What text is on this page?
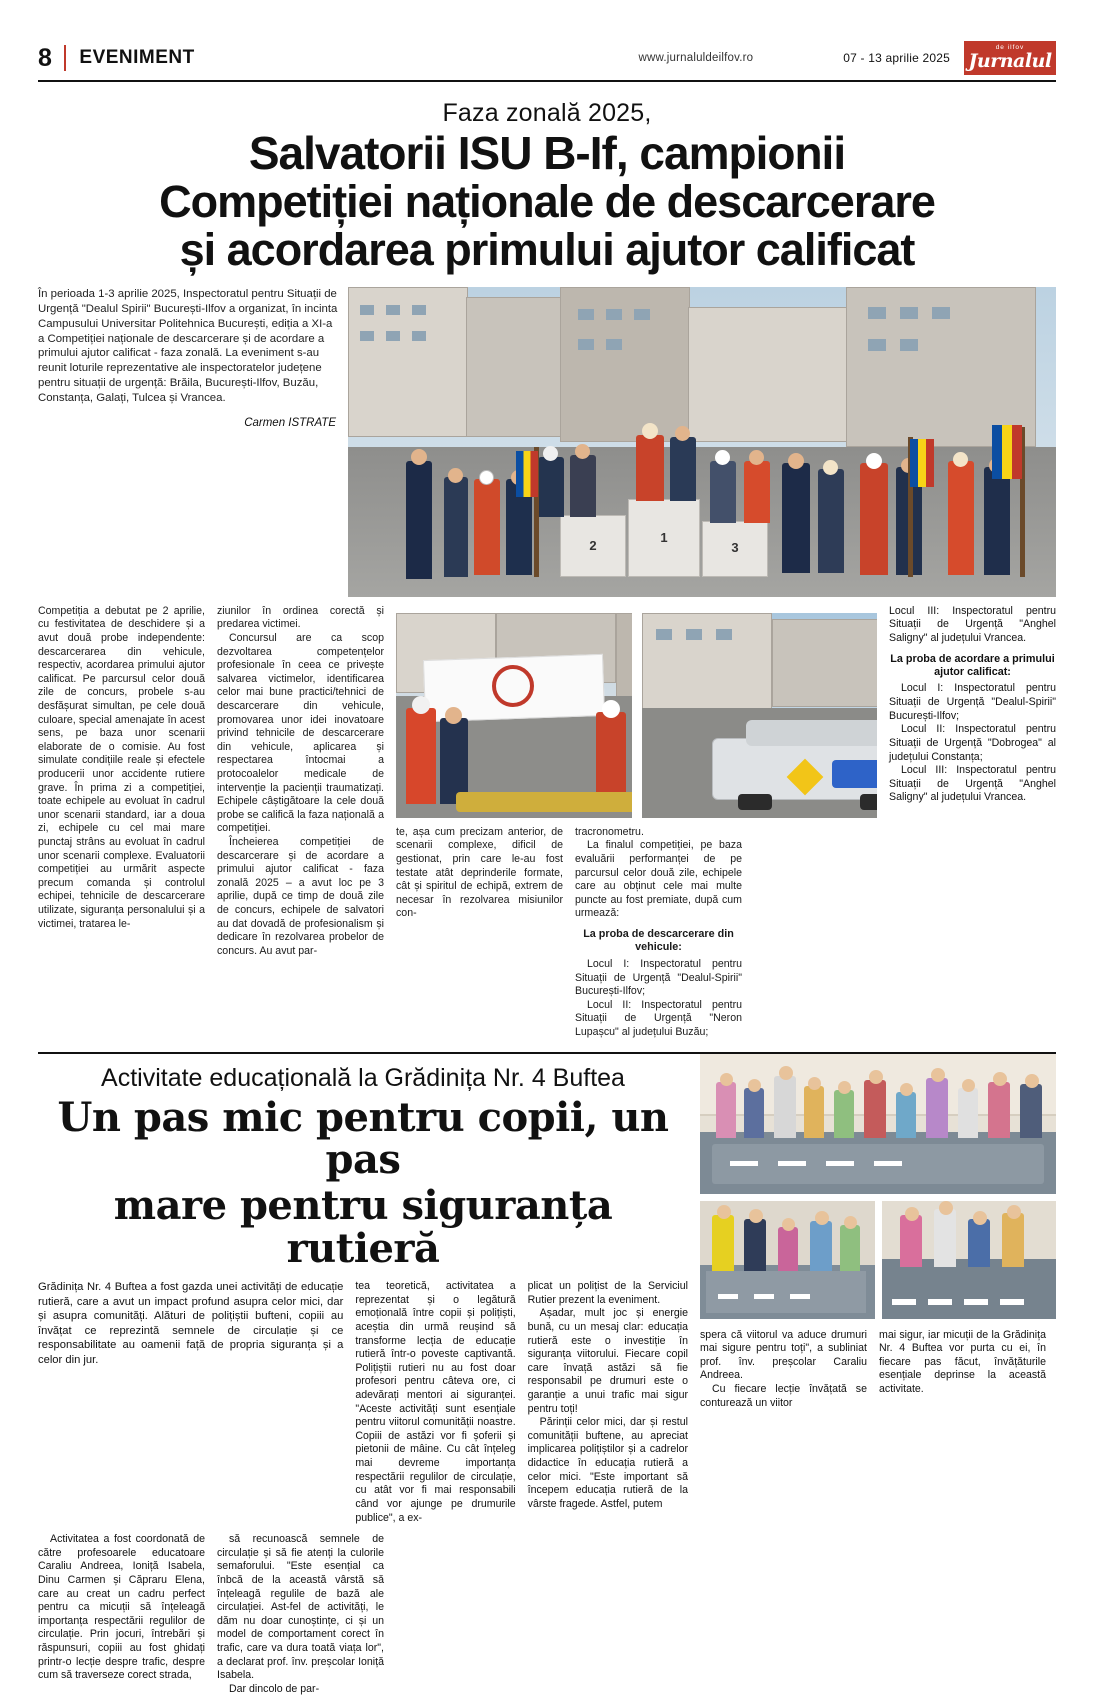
8 EVENIMENT	www.jurnaluldeilfov.ro	07 - 13 aprilie 2025
de ilfov
Jurnalul
Faza zonală 2025,
Salvatorii ISU B-If, campionii
Competiției naționale de descarcerare
și acordarea primului ajutor calificat
În perioada 1-3 aprilie 2025, Inspectoratul pentru Situații de Urgență "Dealul Spirii" București-Ilfov a organizat, în incinta Campusului Universitar Politehnica București, ediția a XI-a a Competiției naționale de descarcerare și de acordare a primului ajutor calificat - faza zonală. La eveniment s-au reunit loturile reprezentative ale inspectoratelor județene pentru situații de urgență: Brăila, București-Ilfov, Buzău, Constanța, Galați, Tulcea și Vrancea.
Carmen ISTRATE
2
1
3

Competiția a debutat pe 2 aprilie, cu festivitatea de deschidere și a avut două probe independente: descarcerarea din vehicule, respectiv, acordarea primului ajutor calificat. Pe parcursul celor două zile de concurs, probele s-au desfășurat simultan, pe cele două culoare, special amenajate în acest sens, pe baza unor scenarii elaborate de o comisie. Au fost simulate condițiile reale și efectele producerii unor accidente rutiere grave. În prima zi a competiției, toate echipele au evoluat în cadrul unor scenarii standard, iar a doua zi, echipele cu cel mai mare punctaj strâns au evoluat în cadrul unor scenarii complexe. Evaluatorii competiției au urmărit aspecte precum comanda și controlul echipei, tehnicile de descarcerare utilizate, siguranța personalului și a victimei, tratarea le-

ziunilor în ordinea corectă și predarea victimei.

Concursul are ca scop dezvoltarea competențelor profesionale în ceea ce privește salvarea victimelor, identificarea celor mai bune practici/tehnici de descarcerare din vehicule, promovarea unor idei inovatoare privind tehnicile de descarcerare din vehicule, aplicarea și respectarea întocmai a protocoalelor medicale de intervenție la pacienții traumatizați. Echipele câștigătoare la cele două probe se califică la faza națională a competiției.

Încheierea competiției de descarcerare și de acordare a primului ajutor calificat - faza zonală 2025 – a avut loc pe 3 aprilie, după ce timp de două zile de concurs, echipele de salvatori au dat dovadă de profesionalism și dedicare în rezolvarea probelor de concurs. Au avut par-

te, așa cum precizam anterior, de scenarii complexe, dificil de gestionat, prin care le-au fost testate atât deprinderile formate, cât și spiritul de echipă, extrem de necesar în rezolvarea misiunilor con-

tracronometru.

La finalul competiției, pe baza evaluării performanței de pe parcursul celor două zile, echipele care au obținut cele mai multe puncte au fost premiate, după cum urmează:

La proba de descarcerare din vehicule:

Locul I: Inspectoratul pentru Situații de Urgență "Dealul-Spirii" București-Ilfov;

Locul II: Inspectoratul pentru Situații de Urgență "Neron Lupașcu" al județului Buzău;

Locul III: Inspectoratul pentru Situații de Urgență "Anghel Saligny" al județului Vrancea.

La proba de acordare a primului ajutor calificat:

Locul I: Inspectoratul pentru Situații de Urgență "Dealul-Spirii" București-Ilfov;

Locul II: Inspectoratul pentru Situații de Urgență "Dobrogea" al județului Constanța;

Locul III: Inspectoratul pentru Situații de Urgență "Anghel Saligny" al județului Vrancea.

Activitate educațională la Grădinița Nr. 4 Buftea
Un pas mic pentru copii, un pas
mare pentru siguranța rutieră

Grădinița Nr. 4 Buftea a fost gazda unei activități de educație rutieră, care a avut un impact profund asupra celor mici, dar și asupra comunități. Alături de polițiștii bufteni, copiii au învățat ce reprezintă semnele de circulație și ce responsabilitate au oamenii față de propria siguranța și a celor din jur.

tea teoretică, activitatea a reprezentat și o legătură emoțională între copii și polițiști, aceștia din urmă reușind să transforme lecția de educație rutieră într-o poveste captivantă. Polițiștii rutieri nu au fost doar profesori pentru câteva ore, ci adevărați mentori ai siguranței. "Aceste activități sunt esențiale pentru viitorul comunității noastre. Copiii de astăzi vor fi șoferii și pietonii de mâine. Cu cât înțeleg mai devreme importanța respectării regulilor de circulație, cu atât vor fi mai responsabili când vor ajunge pe drumurile publice", a ex-

plicat un polițist de la Serviciul Rutier prezent la eveniment.

Așadar, mult joc și energie bună, cu un mesaj clar: educația rutieră este o investiție în siguranța viitorului. Fiecare copil care învață astăzi să fie responsabil pe drumuri este o garanție a unui trafic mai sigur pentru toți!

Părinții celor mici, dar și restul comunității buftene, au apreciat implicarea polițiștilor și a cadrelor didactice în educația rutieră a celor mici. "Este important să începem educația rutieră de la vârste fragede. Astfel, putem

Activitatea a fost coordonată de către profesoarele educatoare Caraliu Andreea, Ioniță Isabela, Dinu Carmen și Căpraru Elena, care au creat un cadru perfect pentru ca micuții să înțeleagă importanța respectării regulilor de circulație. Prin jocuri, întrebări și răspunsuri, copiii au fost ghidați printr-o lecție despre trafic, despre cum să traverseze corect strada,

să recunoască semnele de circulație și să fie atenți la culorile semaforului. "Este esențial ca înbcă de la această vârstă să înțeleagă regulile de bază ale circulației. Ast-fel de activități, le dăm nu doar cunoștințe, ci și un model de comportament corect în trafic, care va dura toată viața lor", a declarat prof. înv. preșcolar Ioniță Isabela.

Dar dincolo de par-

spera că viitorul va aduce drumuri mai sigure pentru toți", a subliniat prof. înv. preșcolar Caraliu Andreea.

Cu fiecare lecție învățată se conturează un viitor

mai sigur, iar micuții de la Grădinița Nr. 4 Buftea vor purta cu ei, în fiecare pas făcut, învățăturile esențiale deprinse la această activitate.
